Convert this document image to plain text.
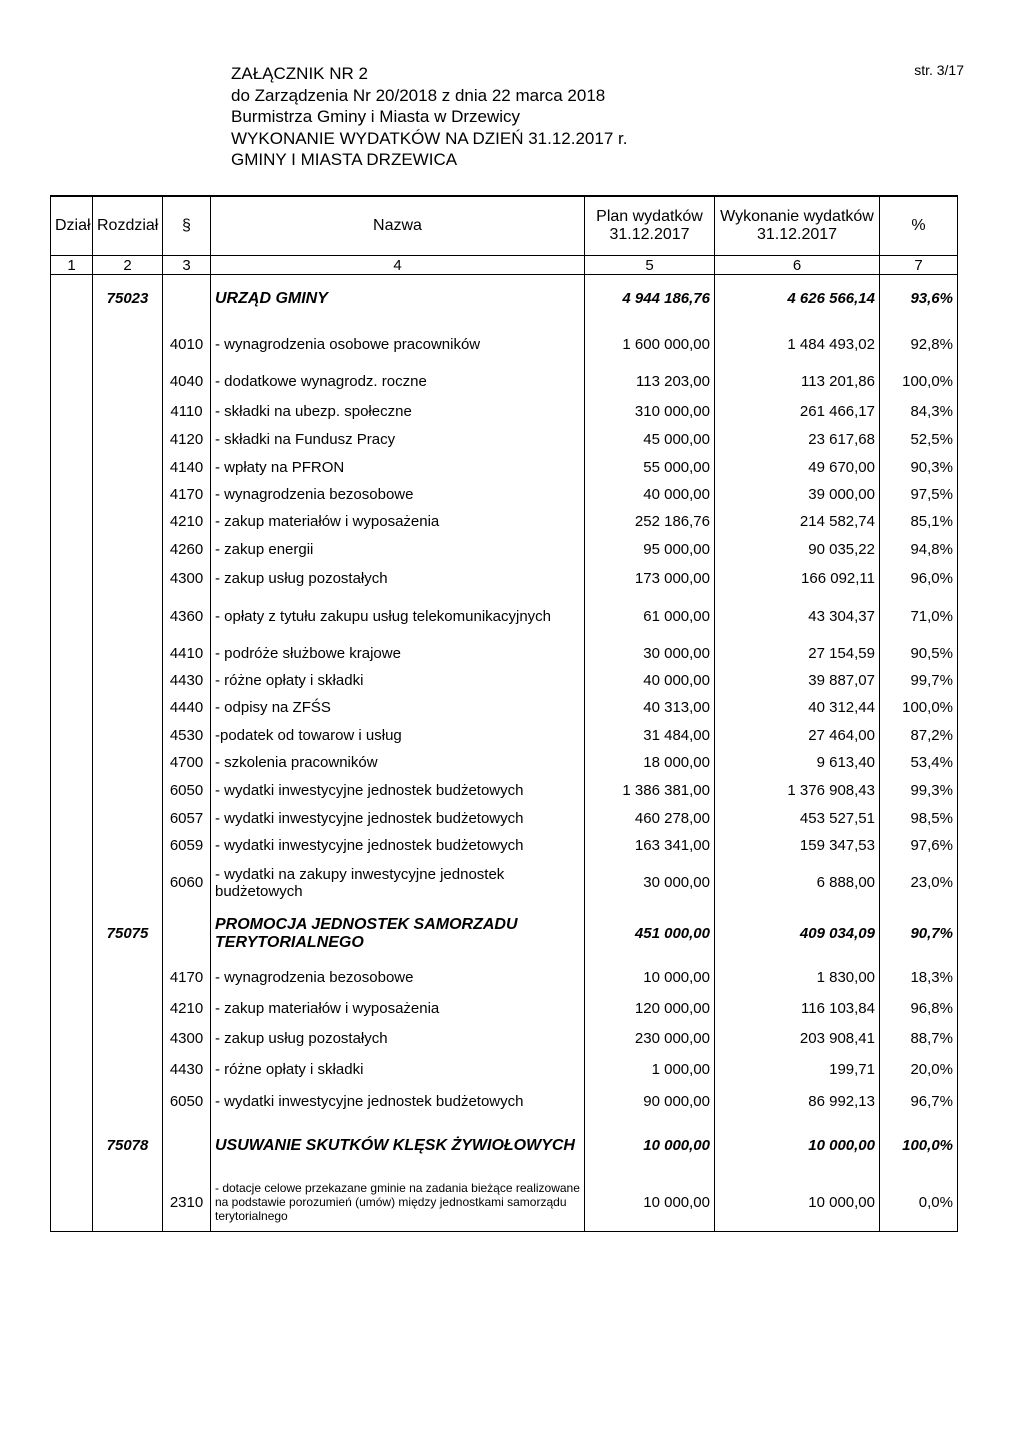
ZAŁĄCZNIK NR 2
do Zarządzenia Nr 20/2018 z dnia 22 marca 2018
Burmistrza Gminy i Miasta w Drzewicy
WYKONANIE WYDATKÓW NA DZIEŃ 31.12.2017 r.
GMINY I MIASTA DRZEWICA
str. 3/17
Dział	Rozdział	§	Nazwa	Plan wydatków 31.12.2017	Wykonanie wydatków 31.12.2017	%
1	2	3	4	5	6	7
	75023		URZĄD GMINY	4 944 186,76	4 626 566,14	93,6%
		4010	- wynagrodzenia osobowe pracowników	1 600 000,00	1 484 493,02	92,8%
		4040	- dodatkowe wynagrodz. roczne	113 203,00	113 201,86	100,0%
		4110	- składki na ubezp. społeczne	310 000,00	261 466,17	84,3%
		4120	- składki na Fundusz Pracy	45 000,00	23 617,68	52,5%
		4140	- wpłaty na PFRON	55 000,00	49 670,00	90,3%
		4170	- wynagrodzenia bezosobowe	40 000,00	39 000,00	97,5%
		4210	- zakup materiałów i wyposażenia	252 186,76	214 582,74	85,1%
		4260	- zakup energii	95 000,00	90 035,22	94,8%
		4300	- zakup usług pozostałych	173 000,00	166 092,11	96,0%
		4360	- opłaty z tytułu zakupu usług telekomunikacyjnych	61 000,00	43 304,37	71,0%
		4410	- podróże służbowe krajowe	30 000,00	27 154,59	90,5%
		4430	- różne opłaty i składki	40 000,00	39 887,07	99,7%
		4440	- odpisy na ZFŚS	40 313,00	40 312,44	100,0%
		4530	-podatek od towarow i usług	31 484,00	27 464,00	87,2%
		4700	- szkolenia pracowników	18 000,00	9 613,40	53,4%
		6050	- wydatki inwestycyjne jednostek budżetowych	1 386 381,00	1 376 908,43	99,3%
		6057	- wydatki inwestycyjne jednostek budżetowych	460 278,00	453 527,51	98,5%
		6059	- wydatki inwestycyjne jednostek budżetowych	163 341,00	159 347,53	97,6%
		6060	- wydatki na zakupy inwestycyjne jednostek budżetowych	30 000,00	6 888,00	23,0%
	75075		PROMOCJA JEDNOSTEK SAMORZADU TERYTORIALNEGO	451 000,00	409 034,09	90,7%
		4170	- wynagrodzenia bezosobowe	10 000,00	1 830,00	18,3%
		4210	- zakup materiałów i wyposażenia	120 000,00	116 103,84	96,8%
		4300	- zakup usług pozostałych	230 000,00	203 908,41	88,7%
		4430	- różne opłaty i składki	1 000,00	199,71	20,0%
		6050	- wydatki inwestycyjne jednostek budżetowych	90 000,00	86 992,13	96,7%
	75078		USUWANIE SKUTKÓW KLĘSK ŻYWIOŁOWYCH	10 000,00	10 000,00	100,0%
		2310	- dotacje celowe przekazane gminie na zadania bieżące realizowane na podstawie porozumień (umów) między jednostkami samorządu terytorialnego	10 000,00	10 000,00	0,0%
